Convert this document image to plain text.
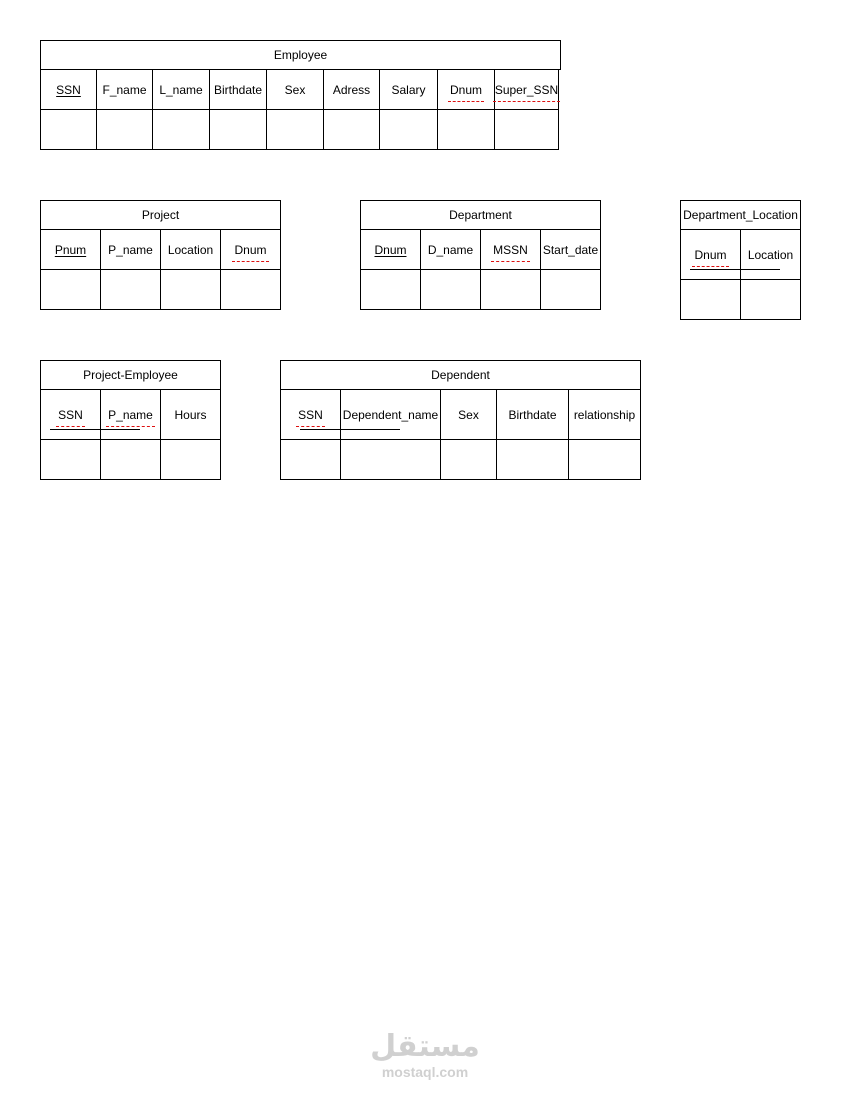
Employee
SSN F_name L_name Birthdate Sex Adress Salary Dnum Super_SSN
Project
Pnum P_name Location Dnum
Department
Dnum D_name MSSN Start_date
Department_Location
Dnum Location
Project-Employee
SSN P_name Hours
Dependent
SSN Dependent_name Sex Birthdate relationship
مستقل
mostaql.com
